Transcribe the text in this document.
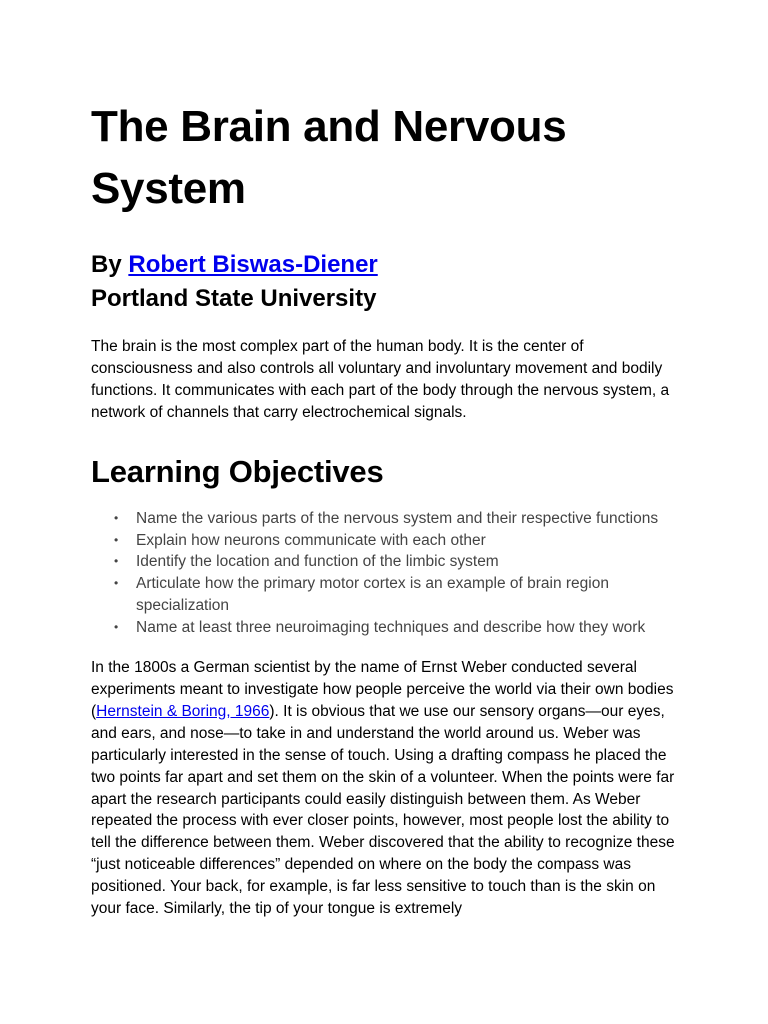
The Brain and Nervous System
By Robert Biswas-Diener
Portland State University

The brain is the most complex part of the human body. It is the center of consciousness and also controls all voluntary and involuntary movement and bodily functions. It communicates with each part of the body through the nervous system, a network of channels that carry electrochemical signals.

Learning Objectives
• Name the various parts of the nervous system and their respective functions
• Explain how neurons communicate with each other
• Identify the location and function of the limbic system
• Articulate how the primary motor cortex is an example of brain region specialization
• Name at least three neuroimaging techniques and describe how they work

In the 1800s a German scientist by the name of Ernst Weber conducted several experiments meant to investigate how people perceive the world via their own bodies (Hernstein & Boring, 1966). It is obvious that we use our sensory organs—our eyes, and ears, and nose—to take in and understand the world around us. Weber was particularly interested in the sense of touch. Using a drafting compass he placed the two points far apart and set them on the skin of a volunteer. When the points were far apart the research participants could easily distinguish between them. As Weber repeated the process with ever closer points, however, most people lost the ability to tell the difference between them. Weber discovered that the ability to recognize these “just noticeable differences” depended on where on the body the compass was positioned. Your back, for example, is far less sensitive to touch than is the skin on your face. Similarly, the tip of your tongue is extremely
